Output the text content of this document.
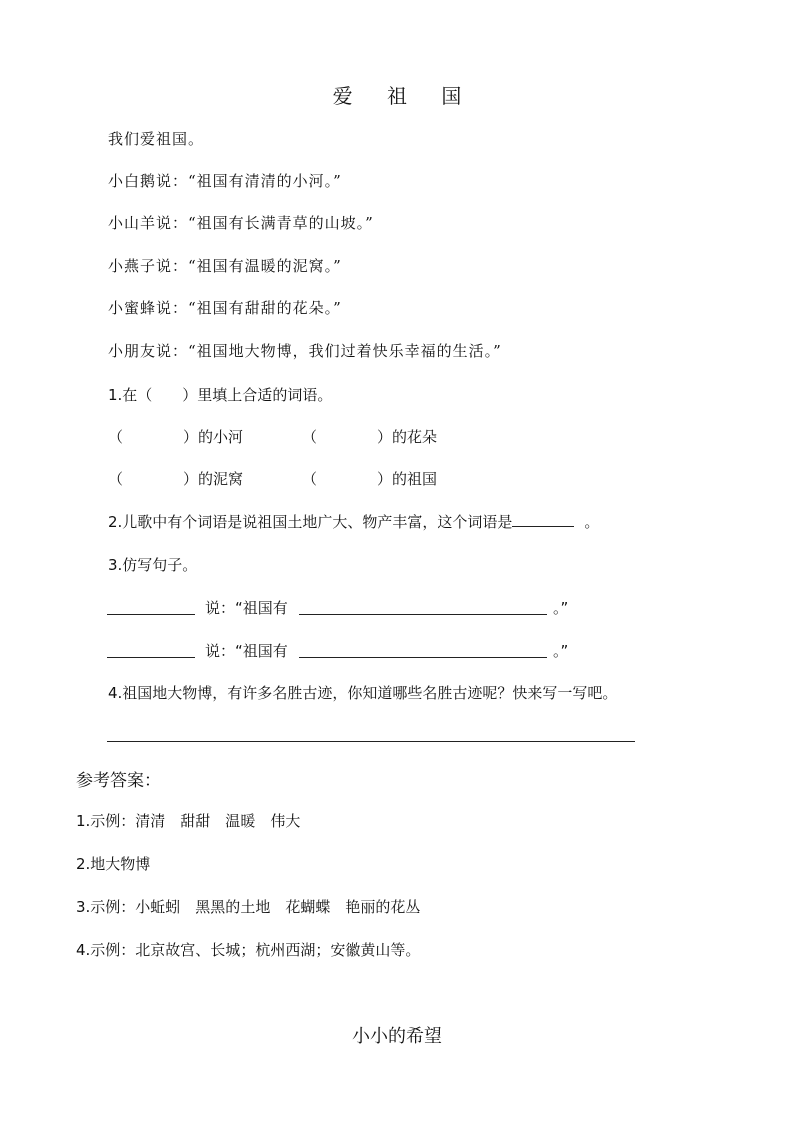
爱 祖 国
我们爱祖国。
小白鹅说：“祖国有清清的小河。”
小山羊说：“祖国有长满青草的山坡。”
小燕子说：“祖国有温暖的泥窝。”
小蜜蜂说：“祖国有甜甜的花朵。”
小朋友说：“祖国地大物博，我们过着快乐幸福的生活。”
1.在（　　）里填上合适的词语。
（　　　　）的小河	（　　　　）的花朵
（　　　　）的泥窝	（　　　　）的祖国
2.儿歌中有个词语是说祖国土地广大、物产丰富，这个词语是	。
3.仿写句子。
说：“祖国有	。”
说：“祖国有	。”
4.祖国地大物博，有许多名胜古迹，你知道哪些名胜古迹呢？快来写一写吧。
参考答案：
1.示例：清清　甜甜　温暖　伟大
2.地大物博
3.示例：小蚯蚓　黑黑的土地　花蝴蝶　艳丽的花丛
4.示例：北京故宫、长城；杭州西湖；安徽黄山等。
小小的希望
